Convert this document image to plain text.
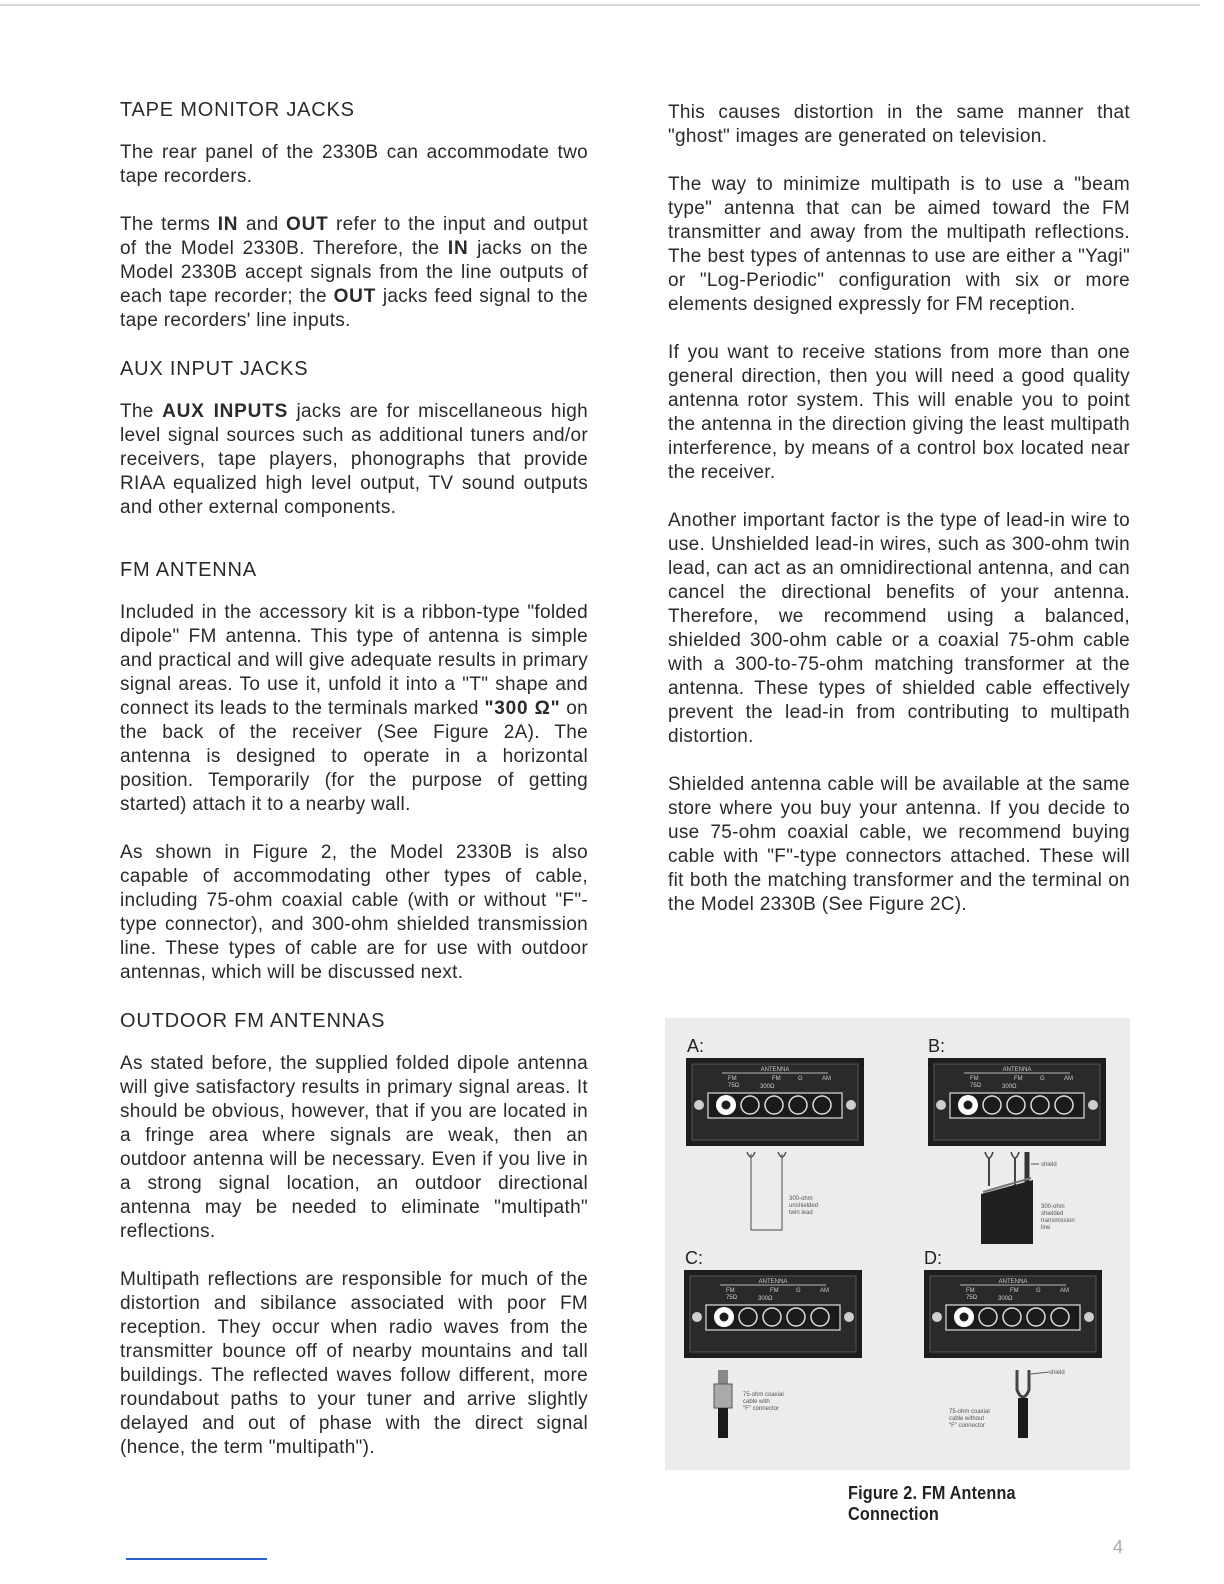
TAPE MONITOR JACKS

The rear panel of the 2330B can accommodate two tape recorders.

The terms IN and OUT refer to the input and output of the Model 2330B. Therefore, the IN jacks on the Model 2330B accept signals from the line outputs of each tape recorder; the OUT jacks feed signal to the tape recorders' line inputs.

AUX INPUT JACKS

The AUX INPUTS jacks are for miscellaneous high level signal sources such as additional tuners and/or receivers, tape players, phonographs that provide RIAA equalized high level output, TV sound outputs and other external components.

FM ANTENNA

Included in the accessory kit is a ribbon-type "folded dipole" FM antenna. This type of antenna is simple and practical and will give adequate results in primary signal areas. To use it, unfold it into a "T" shape and connect its leads to the terminals marked "300 Ω" on the back of the receiver (See Figure 2A). The antenna is designed to operate in a horizontal position. Temporarily (for the purpose of getting started) attach it to a nearby wall.

As shown in Figure 2, the Model 2330B is also capable of accommodating other types of cable, including 75-ohm coaxial cable (with or without "F"-type connector), and 300-ohm shielded transmission line. These types of cable are for use with outdoor antennas, which will be discussed next.

OUTDOOR FM ANTENNAS

As stated before, the supplied folded dipole antenna will give satisfactory results in primary signal areas. It should be obvious, however, that if you are located in a fringe area where signals are weak, then an outdoor antenna will be necessary. Even if you live in a strong signal location, an outdoor directional antenna may be needed to eliminate "multipath" reflections.

Multipath reflections are responsible for much of the distortion and sibilance associated with poor FM reception. They occur when radio waves from the transmitter bounce off of nearby mountains and tall buildings. The reflected waves follow different, more roundabout paths to your tuner and arrive slightly delayed and out of phase with the direct signal (hence, the term "multipath").

This causes distortion in the same manner that "ghost" images are generated on television.

The way to minimize multipath is to use a "beam type" antenna that can be aimed toward the FM transmitter and away from the multipath reflections. The best types of antennas to use are either a "Yagi" or "Log-Periodic" configuration with six or more elements designed expressly for FM reception.

If you want to receive stations from more than one general direction, then you will need a good quality antenna rotor system. This will enable you to point the antenna in the direction giving the least multipath interference, by means of a control box located near the receiver.

Another important factor is the type of lead-in wire to use. Unshielded lead-in wires, such as 300-ohm twin lead, can act as an omnidirectional antenna, and can cancel the directional benefits of your antenna. Therefore, we recommend using a balanced, shielded 300-ohm cable or a coaxial 75-ohm cable with a 300-to-75-ohm matching transformer at the antenna. These types of shielded cable effectively prevent the lead-in from contributing to multipath distortion.

Shielded antenna cable will be available at the same store where you buy your antenna. If you decide to use 75-ohm coaxial cable, we recommend buying cable with "F"-type connectors attached. These will fit both the matching transformer and the terminal on the Model 2330B (See Figure 2C).

ANTENNA
FM
75Ω
FM	G	AM
300Ω
300-ohm
unshielded
twin lead
ANTENNA
FM
75Ω
FM	G	AM
300Ω
shield
300-ohm
shielded
transmission
line
ANTENNA
FM
75Ω
FM	G	AM
300Ω
75-ohm coaxial
cable with
"F" connector
ANTENNA
FM
75Ω
FM	G	AM
300Ω
shield
75-ohm coaxial
cable without
"F" connector
A:	B:
C:	D:
Figure 2. FM Antenna Connection
4
